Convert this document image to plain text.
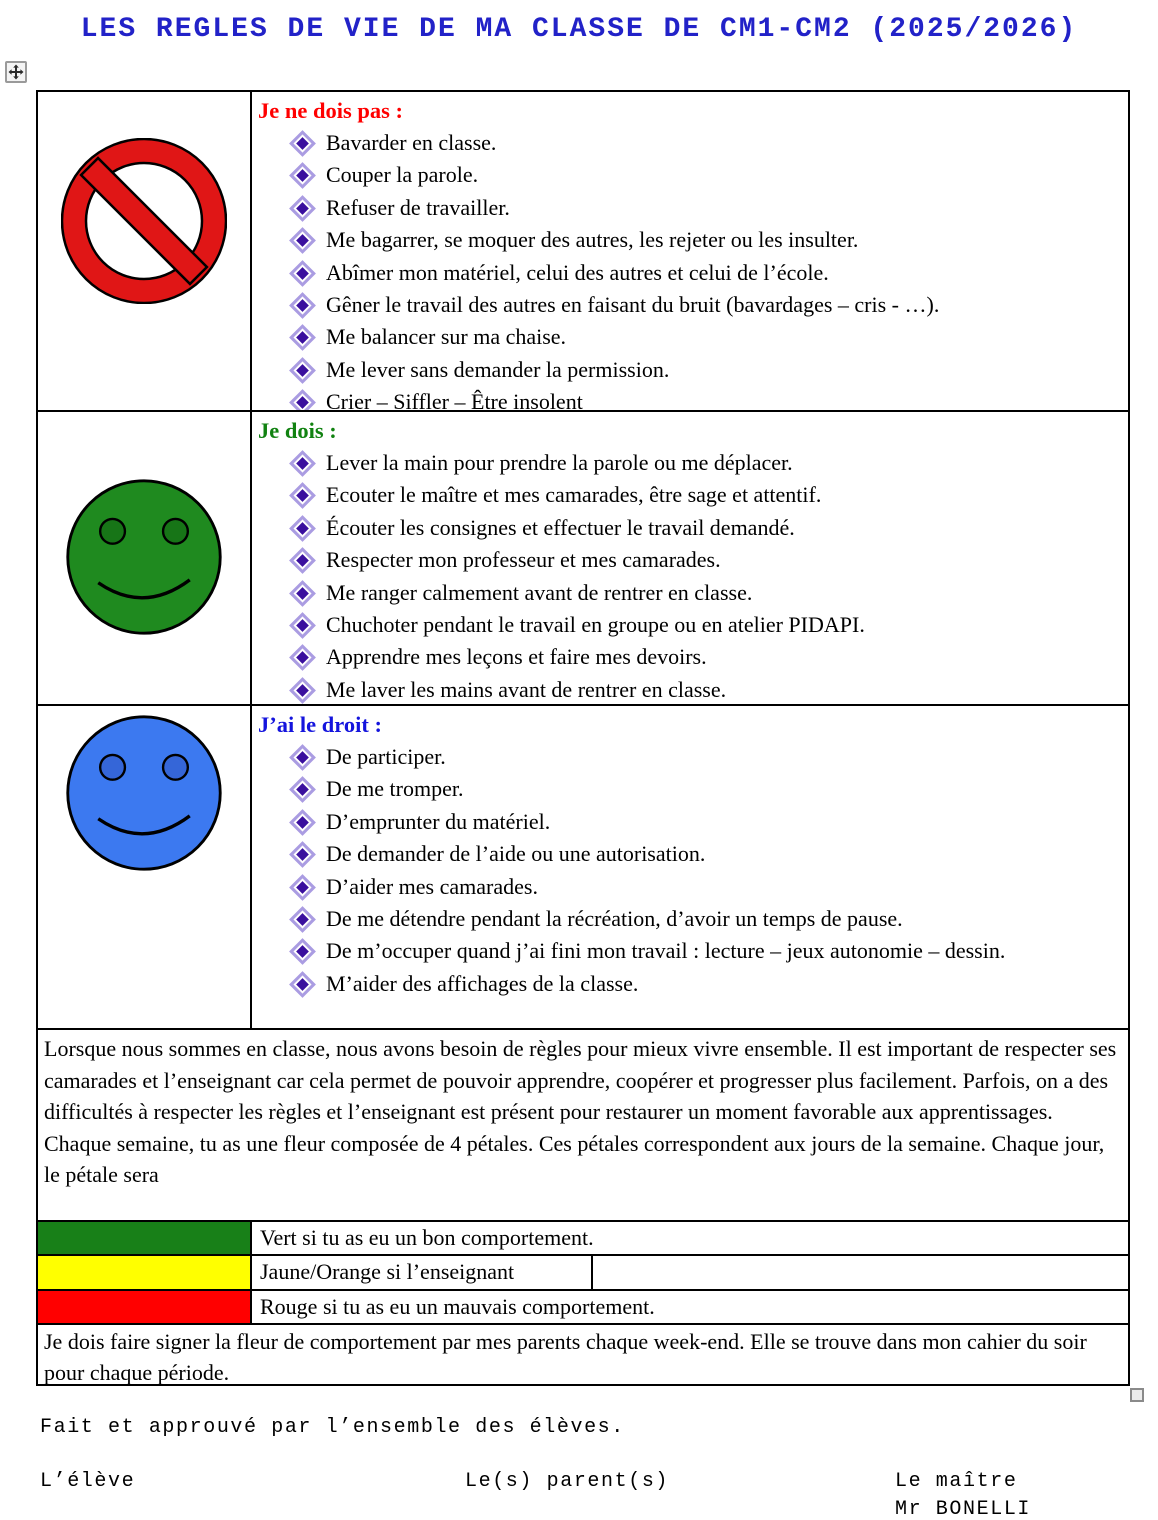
LES REGLES DE VIE DE MA CLASSE DE CM1-CM2 (2025/2026)
Je ne dois pas :
Bavarder en classe.
Couper la parole.
Refuser de travailler.
Me bagarrer, se moquer des autres, les rejeter ou les insulter.
Abîmer mon matériel, celui des autres et celui de l’école.
Gêner le travail des autres en faisant du bruit (bavardages – cris - …).
Me balancer sur ma chaise.
Me lever sans demander la permission.
Crier – Siffler – Être insolent
Je dois :
Lever la main pour prendre la parole ou me déplacer.
Ecouter le maître et mes camarades, être sage et attentif.
Écouter les consignes et effectuer le travail demandé.
Respecter mon professeur et mes camarades.
Me ranger calmement avant de rentrer en classe.
Chuchoter pendant le travail en groupe ou en atelier PIDAPI.
Apprendre mes leçons et faire mes devoirs.
Me laver les mains avant de rentrer en classe.
J’ai le droit :
De participer.
De me tromper.
D’emprunter du matériel.
De demander de l’aide ou une autorisation.
D’aider mes camarades.
De me détendre pendant la récréation, d’avoir un temps de pause.
De m’occuper quand j’ai fini mon travail : lecture – jeux autonomie – dessin.
M’aider des affichages de la classe.

Lorsque nous sommes en classe, nous avons besoin de règles pour mieux vivre ensemble. Il est important de respecter ses camarades et l’enseignant car cela permet de pouvoir apprendre, coopérer et progresser plus facilement. Parfois, on a des difficultés à respecter les règles et l’enseignant est présent pour restaurer un moment favorable aux apprentissages.

Chaque semaine, tu as une fleur composée de 4 pétales. Ces pétales correspondent aux jours de la semaine. Chaque jour, le pétale sera

Vert si tu as eu un bon comportement.
Jaune/Orange si l’enseignant
Rouge si tu as eu un mauvais comportement.
Je dois faire signer la fleur de comportement par mes parents chaque week-end. Elle se trouve dans mon cahier du soir pour chaque période.
Fait et approuvé par l’ensemble des élèves.
L’élève	Le(s) parent(s)	Le maître
Mr BONELLI
